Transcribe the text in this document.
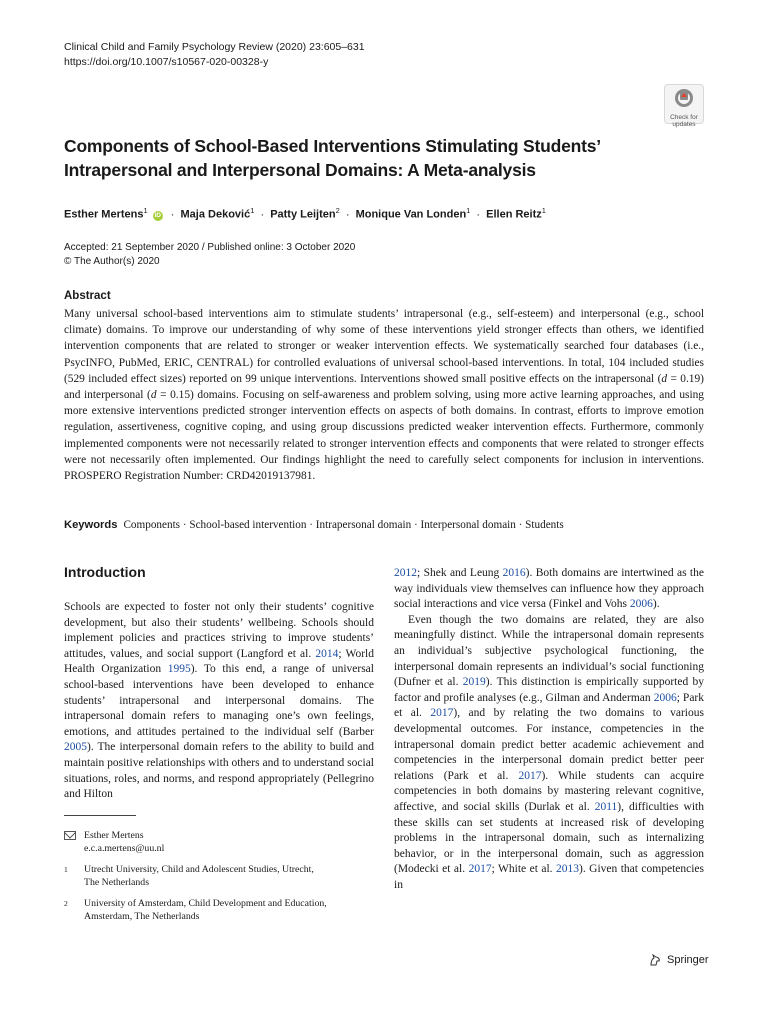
Clinical Child and Family Psychology Review (2020) 23:605–631
https://doi.org/10.1007/s10567-020-00328-y
Check for
updates
Components of School-Based Interventions Stimulating Students’ Intrapersonal and Interpersonal Domains: A Meta-analysis
Esther Mertens$^1$ iD · Maja Deković$^1$ · Patty Leijten$^2$ · Monique Van Londen$^1$ · Ellen Reitz$^1$
Accepted: 21 September 2020 / Published online: 3 October 2020
© The Author(s) 2020
Abstract

Many universal school-based interventions aim to stimulate students’ intrapersonal (e.g., self-esteem) and interpersonal (e.g., school climate) domains. To improve our understanding of why some of these interventions yield stronger effects than others, we identified intervention components that are related to stronger or weaker intervention effects. We systematically searched four databases (i.e., PsycINFO, PubMed, ERIC, CENTRAL) for controlled evaluations of universal school-based interventions. In total, 104 included studies (529 included effect sizes) reported on 99 unique interventions. Interventions showed small positive effects on the intrapersonal (d = 0.19) and interpersonal (d = 0.15) domains. Focusing on self-awareness and problem solving, using more active learning approaches, and using more extensive interventions predicted stronger intervention effects on aspects of both domains. In contrast, efforts to improve emotion regulation, assertiveness, cognitive coping, and using group discussions predicted weaker intervention effects. Furthermore, commonly implemented components were not necessarily related to stronger intervention effects and components that were related to stronger effects were not necessarily often implemented. Our findings highlight the need to carefully select components for inclusion in interventions. PROSPERO Registration Number: CRD42019137981.

Keywords Components · School-based intervention · Intrapersonal domain · Interpersonal domain · Students
Introduction

Schools are expected to foster not only their students’ cognitive development, but also their students’ wellbeing. Schools should implement policies and practices striving to improve students’ attitudes, values, and social support (Langford et al. 2014; World Health Organization 1995). To this end, a range of universal school-based interventions have been developed to enhance students’ intrapersonal and interpersonal domains. The intrapersonal domain refers to managing one’s own feelings, emotions, and attitudes pertained to the individual self (Barber 2005). The interpersonal domain refers to the ability to build and maintain positive relationships with others and to understand social situations, roles, and norms, and respond appropriately (Pellegrino and Hilton

2012; Shek and Leung 2016). Both domains are intertwined as the way individuals view themselves can influence how they approach social interactions and vice versa (Finkel and Vohs 2006).

Even though the two domains are related, they are also meaningfully distinct. While the intrapersonal domain represents an individual’s subjective psychological functioning, the interpersonal domain represents an individual’s social functioning (Dufner et al. 2019). This distinction is empirically supported by factor and profile analyses (e.g., Gilman and Anderman 2006; Park et al. 2017), and by relating the two domains to various developmental outcomes. For instance, competencies in the intrapersonal domain predict better academic achievement and competencies in the interpersonal domain predict better peer relations (Park et al. 2017). While students can acquire competencies in both domains by mastering relevant cognitive, affective, and social skills (Durlak et al. 2011), difficulties with these skills can set students at increased risk of developing problems in the intrapersonal domain, such as internalizing behavior, or in the interpersonal domain, such as aggression (Modecki et al. 2017; White et al. 2013). Given that competencies in

Esther Mertens
e.c.a.mertens@uu.nl
1	Utrecht University, Child and Adolescent Studies, Utrecht,
The Netherlands
2	University of Amsterdam, Child Development and Education,
Amsterdam, The Netherlands
Springer
